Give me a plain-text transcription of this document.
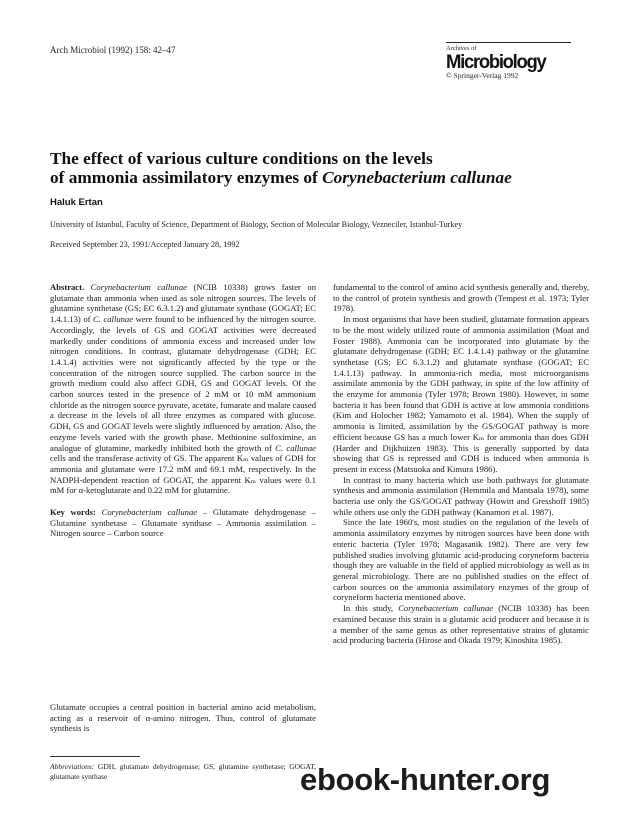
Arch Microbiol (1992) 158: 42–47	Archives of
Microbiology
© Springer-Verlag 1992
The effect of various culture conditions on the levels
of ammonia assimilatory enzymes of Corynebacterium callunae
Haluk Ertan
University of Istanbul, Faculty of Science, Department of Biology, Section of Molecular Biology, Vezneciler, Istanbul-Turkey
Received September 23, 1991/Accepted January 28, 1992

Abstract. Corynebacterium callunae (NCIB 10338) grows faster on glutamate than ammonia when used as sole nitrogen sources. The levels of glutamine synthetase (GS; EC 6.3.1.2) and glutamate synthase (GOGAT; EC 1.4.1.13) of C. callunae were found to be influenced by the nitrogen source. Accordingly, the levels of GS and GOGAT activities were decreased markedly under conditions of ammonia excess and increased under low nitrogen conditions. In contrast, glutamate dehydrogenase (GDH; EC 1.4.1.4) activities were not significantly affected by the type or the concentration of the nitrogen source supplied. The carbon source in the growth medium could also affect GDH, GS and GOGAT levels. Of the carbon sources tested in the presence of 2 mM or 10 mM ammonium chloride as the nitrogen source pyruvate, acetate, fumarate and malate caused a decrease in the levels of all three enzymes as compared with glucose. GDH, GS and GOGAT levels were slightly influenced by aeration. Also, the enzyme levels varied with the growth phase. Methionine sulfoximine, an analogue of glutamine, markedly inhibited both the growth of C. callunae cells and the transferase activity of GS. The apparent Kₘ values of GDH for ammonia and glutamate were 17.2 mM and 69.1 mM, respectively. In the NADPH-dependent reaction of GOGAT, the apparent Kₘ values were 0.1 mM for α-ketoglutarate and 0.22 mM for glutamine.

Key words: Corynebacterium callunae – Glutamate dehydrogenase – Glutamine synthetase – Glutamate synthase – Ammonia assimilation – Nitrogen source – Carbon source

Glutamate occupies a central position in bacterial amino acid metabolism, acting as a reservoir of α-amino nitrogen. Thus, control of glutamate synthesis is

Abbreviations: GDH, glutamate dehydrogenase; GS, glutamine synthetase; GOGAT, glutamate synthase

fundamental to the control of amino acid synthesis generally and, thereby, to the control of protein synthesis and growth (Tempest et al. 1973; Tyler 1978).

In most organisms that have been studied, glutamate formation appears to be the most widely utilized route of ammonia assimilation (Moat and Foster 1988). Ammonia can be incorporated into glutamate by the glutamate dehydrogenase (GDH; EC 1.4.1.4) pathway or the glutamine synthetase (GS; EC 6.3.1.2) and glutamate synthase (GOGAT; EC 1.4.1.13) pathway. In ammonia-rich media, most microorganisms assimilate ammonia by the GDH pathway, in spite of the low affinity of the enzyme for ammonia (Tyler 1978; Brown 1980). However, in some bacteria it has been found that GDH is active at low ammonia conditions (Kim and Holocher 1982; Yamamoto et al. 1984). When the supply of ammonia is limited, assimilation by the GS/GOGAT pathway is more efficient because GS has a much lower Kₘ for ammonia than does GDH (Harder and Dijkhuizen 1983). This is generally supported by data showing that GS is repressed and GDH is induced when ammonia is present in excess (Matsuoka and Kimura 1986).

In contrast to many bacteria which use both pathways for glutamate synthesis and ammonia assimilation (Hemmila and Mantsala 1978), some bacteria use only the GS/GOGAT pathway (Howitt and Gresshoff 1985) while others use only the GDH pathway (Kanamori et al. 1987).

Since the late 1960's, most studies on the regulation of the levels of ammonia assimilatory enzymes by nitrogen sources have been done with enteric bacteria (Tyler 1978; Magasanik 1982). There are very few published studies involving glutamic acid-producing coryneform bacteria though they are valuable in the field of applied microbiology as well as in general microbiology. There are no published studies on the effect of carbon sources on the ammonia assimilatory enzymes of the group of coryneform bacteria mentioned above.

In this study, Corynebacterium callunae (NCIB 10338) has been examined because this strain is a glutamic acid producer and because it is a member of the same genus as other representative strains of glutamic acid producing bacteria (Hirose and Okada 1979; Kinoshita 1985).

ebook-hunter.org
